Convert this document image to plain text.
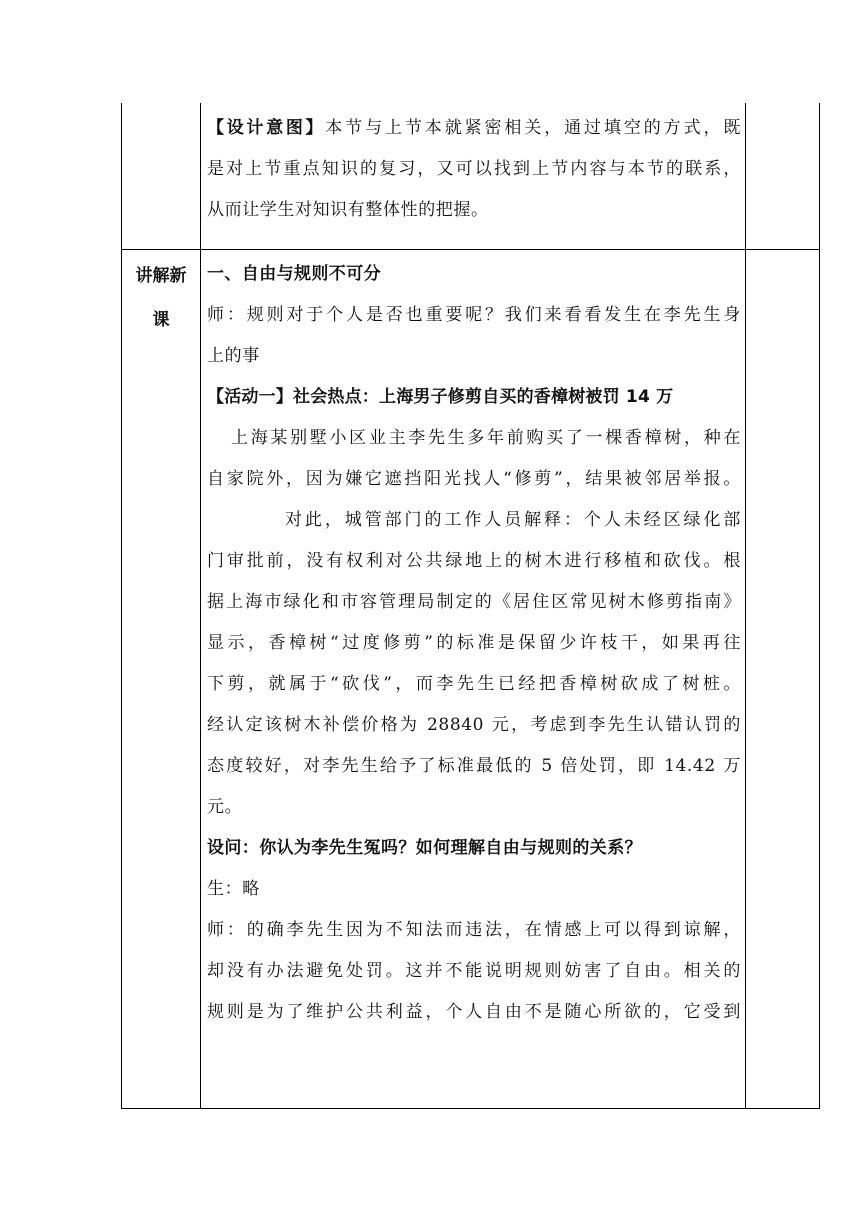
【设计意图】本节与上节本就紧密相关，通过填空的方式，既
是对上节重点知识的复习，又可以找到上节内容与本节的联系，
从而让学生对知识有整体性的把握。
讲解新
课
一、自由与规则不可分
师：规则对于个人是否也重要呢？我们来看看发生在李先生身
上的事
【活动一】社会热点：上海男子修剪自买的香樟树被罚 14 万
上海某别墅小区业主李先生多年前购买了一棵香樟树，种在
自家院外，因为嫌它遮挡阳光找人“修剪”，结果被邻居举报。
对此，城管部门的工作人员解释：个人未经区绿化部
门审批前，没有权利对公共绿地上的树木进行移植和砍伐。根
据上海市绿化和市容管理局制定的《居住区常见树木修剪指南》
显示，香樟树“过度修剪”的标准是保留少许枝干，如果再往
下剪，就属于“砍伐”，而李先生已经把香樟树砍成了树桩。
经认定该树木补偿价格为 28840 元，考虑到李先生认错认罚的
态度较好，对李先生给予了标准最低的 5 倍处罚，即 14.42 万
元。
设问：你认为李先生冤吗？如何理解自由与规则的关系？
生：略
师：的确李先生因为不知法而违法，在情感上可以得到谅解，
却没有办法避免处罚。这并不能说明规则妨害了自由。相关的
规则是为了维护公共利益，个人自由不是随心所欲的，它受到
